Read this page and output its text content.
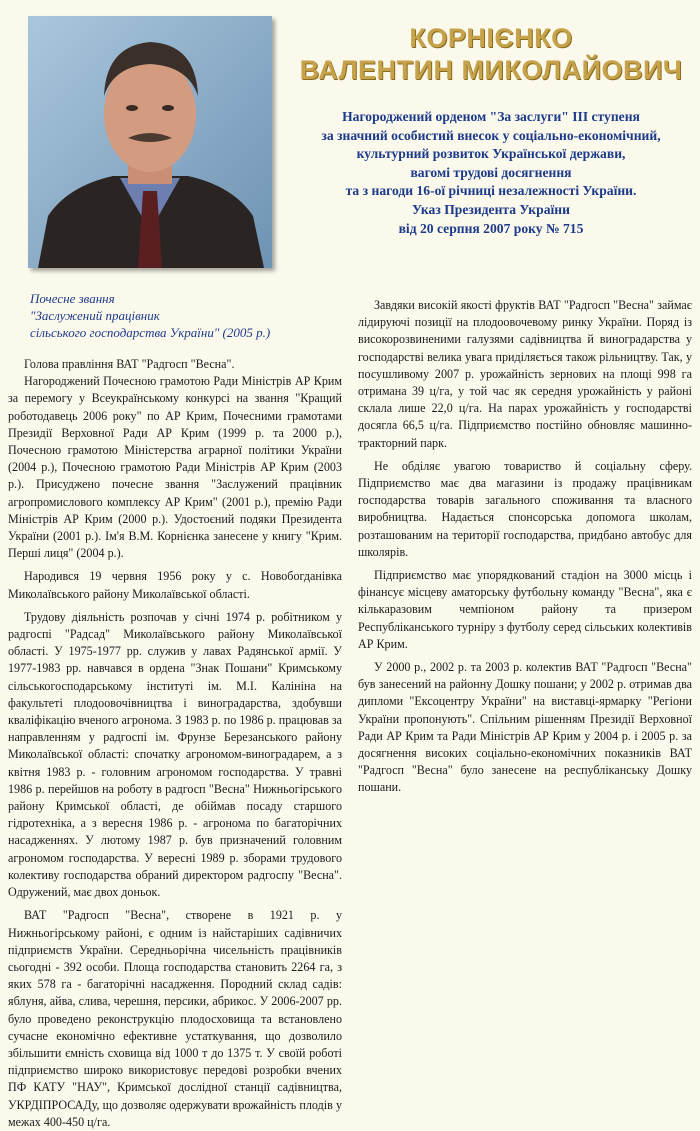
КОРНІЄНКО
ВАЛЕНТИН МИКОЛАЙОВИЧ
Нагороджений орденом "За заслуги" III ступеня
за значний особистий внесок у соціально-економічний,
культурний розвиток Української держави,
вагомі трудові досягнення
та з нагоди 16-ої річниці незалежності України.
Указ Президента України
від 20 серпня 2007 року № 715
Почесне звання
"Заслужений працівник
сільського господарства України" (2005 р.)

Голова правління ВАТ "Радгосп "Весна".

Нагороджений Почесною грамотою Ради Міністрів АР Крим за перемогу у Всеукраїнському конкурсі на звання "Кращий роботодавець 2006 року" по АР Крим, Почесними грамотами Президії Верховної Ради АР Крим (1999 р. та 2000 р.), Почесною грамотою Міністерства аграрної політики України (2004 р.), Почесною грамотою Ради Міністрів АР Крим (2003 р.). Присуджено почесне звання "Заслужений працівник агропромислового комплексу АР Крим" (2001 р.), премію Ради Міністрів АР Крим (2000 р.). Удостоєний подяки Президента України (2001 р.). Ім'я В.М. Корнієнка занесене у книгу "Крим. Перші лиця" (2004 р.).

Народився 19 червня 1956 року у с. Новобогданівка Миколаївського району Миколаївської області.

Трудову діяльність розпочав у січні 1974 р. робітником у радгоспі "Радсад" Миколаївського району Миколаївської області. У 1975-1977 рр. служив у лавах Радянської армії. У 1977-1983 рр. навчався в ордена "Знак Пошани" Кримському сільськогосподарському інституті ім. М.І. Калініна на факультеті плодоовочівництва і виноградарства, здобувши кваліфікацію вченого агронома. З 1983 р. по 1986 р. працював за направленням у радгоспі ім. Фрунзе Березанського району Миколаївської області: спочатку агрономом-виноградарем, а з квітня 1983 р. - головним агрономом господарства. У травні 1986 р. перейшов на роботу в радгосп "Весна" Нижньогірського району Кримської області, де обіймав посаду старшого гідротехніка, а з вересня 1986 р. - агронома по багаторічних насадженнях. У лютому 1987 р. був призначений головним агрономом господарства. У вересні 1989 р. зборами трудового колективу господарства обраний директором радгоспу "Весна". Одружений, має двох доньок.

ВАТ "Радгосп "Весна", створене в 1921 р. у Нижньогірському районі, є одним із найстаріших садівничих підприємств України. Середньорічна чисельність працівників сьогодні - 392 особи. Площа господарства становить 2264 га, з яких 578 га - багаторічні насадження. Породний склад садів: яблуня, айва, слива, черешня, персики, абрикос. У 2006-2007 рр. було проведено реконструкцію плодосховища та встановлено сучасне економічно ефективне устаткування, що дозволило збільшити ємність сховища від 1000 т до 1375 т. У своїй роботі підприємство широко використовує передові розробки вчених ПФ КАТУ "НАУ", Кримської дослідної станції садівництва, УКРДІПРОСАДу, що дозволяє одержувати врожайність плодів у межах 400-450 ц/га.

Завдяки високій якості фруктів ВАТ "Радгосп "Весна" займає лідируючі позиції на плодоовочевому ринку України. Поряд із високорозвиненими галузями садівництва й виноградарства у господарстві велика увага приділяється також рільництву. Так, у посушливому 2007 р. урожайність зернових на площі 998 га отримана 39 ц/га, у той час як середня урожайність у районі склала лише 22,0 ц/га. На парах урожайність у господарстві досягла 66,5 ц/га. Підприємство постійно обновляє машинно-тракторний парк.

Не обділяє увагою товариство й соціальну сферу. Підприємство має два магазини із продажу працівникам господарства товарів загального споживання та власного виробництва. Надається спонсорська допомога школам, розташованим на території господарства, придбано автобус для школярів.

Підприємство має упорядкований стадіон на 3000 місць і фінансує місцеву аматорську футбольну команду "Весна", яка є кількаразовим чемпіоном району та призером Республіканського турніру з футболу серед сільських колективів АР Крим.

У 2000 р., 2002 р. та 2003 р. колектив ВАТ "Радгосп "Весна" був занесений на районну Дошку пошани; у 2002 р. отримав два дипломи "Ексоцентру України" на виставці-ярмарку "Регіони України пропонують". Спільним рішенням Президії Верховної Ради АР Крим та Ради Міністрів АР Крим у 2004 р. і 2005 р. за досягнення високих соціально-економічних показників ВАТ "Радгосп "Весна" було занесене на республіканську Дошку пошани.
